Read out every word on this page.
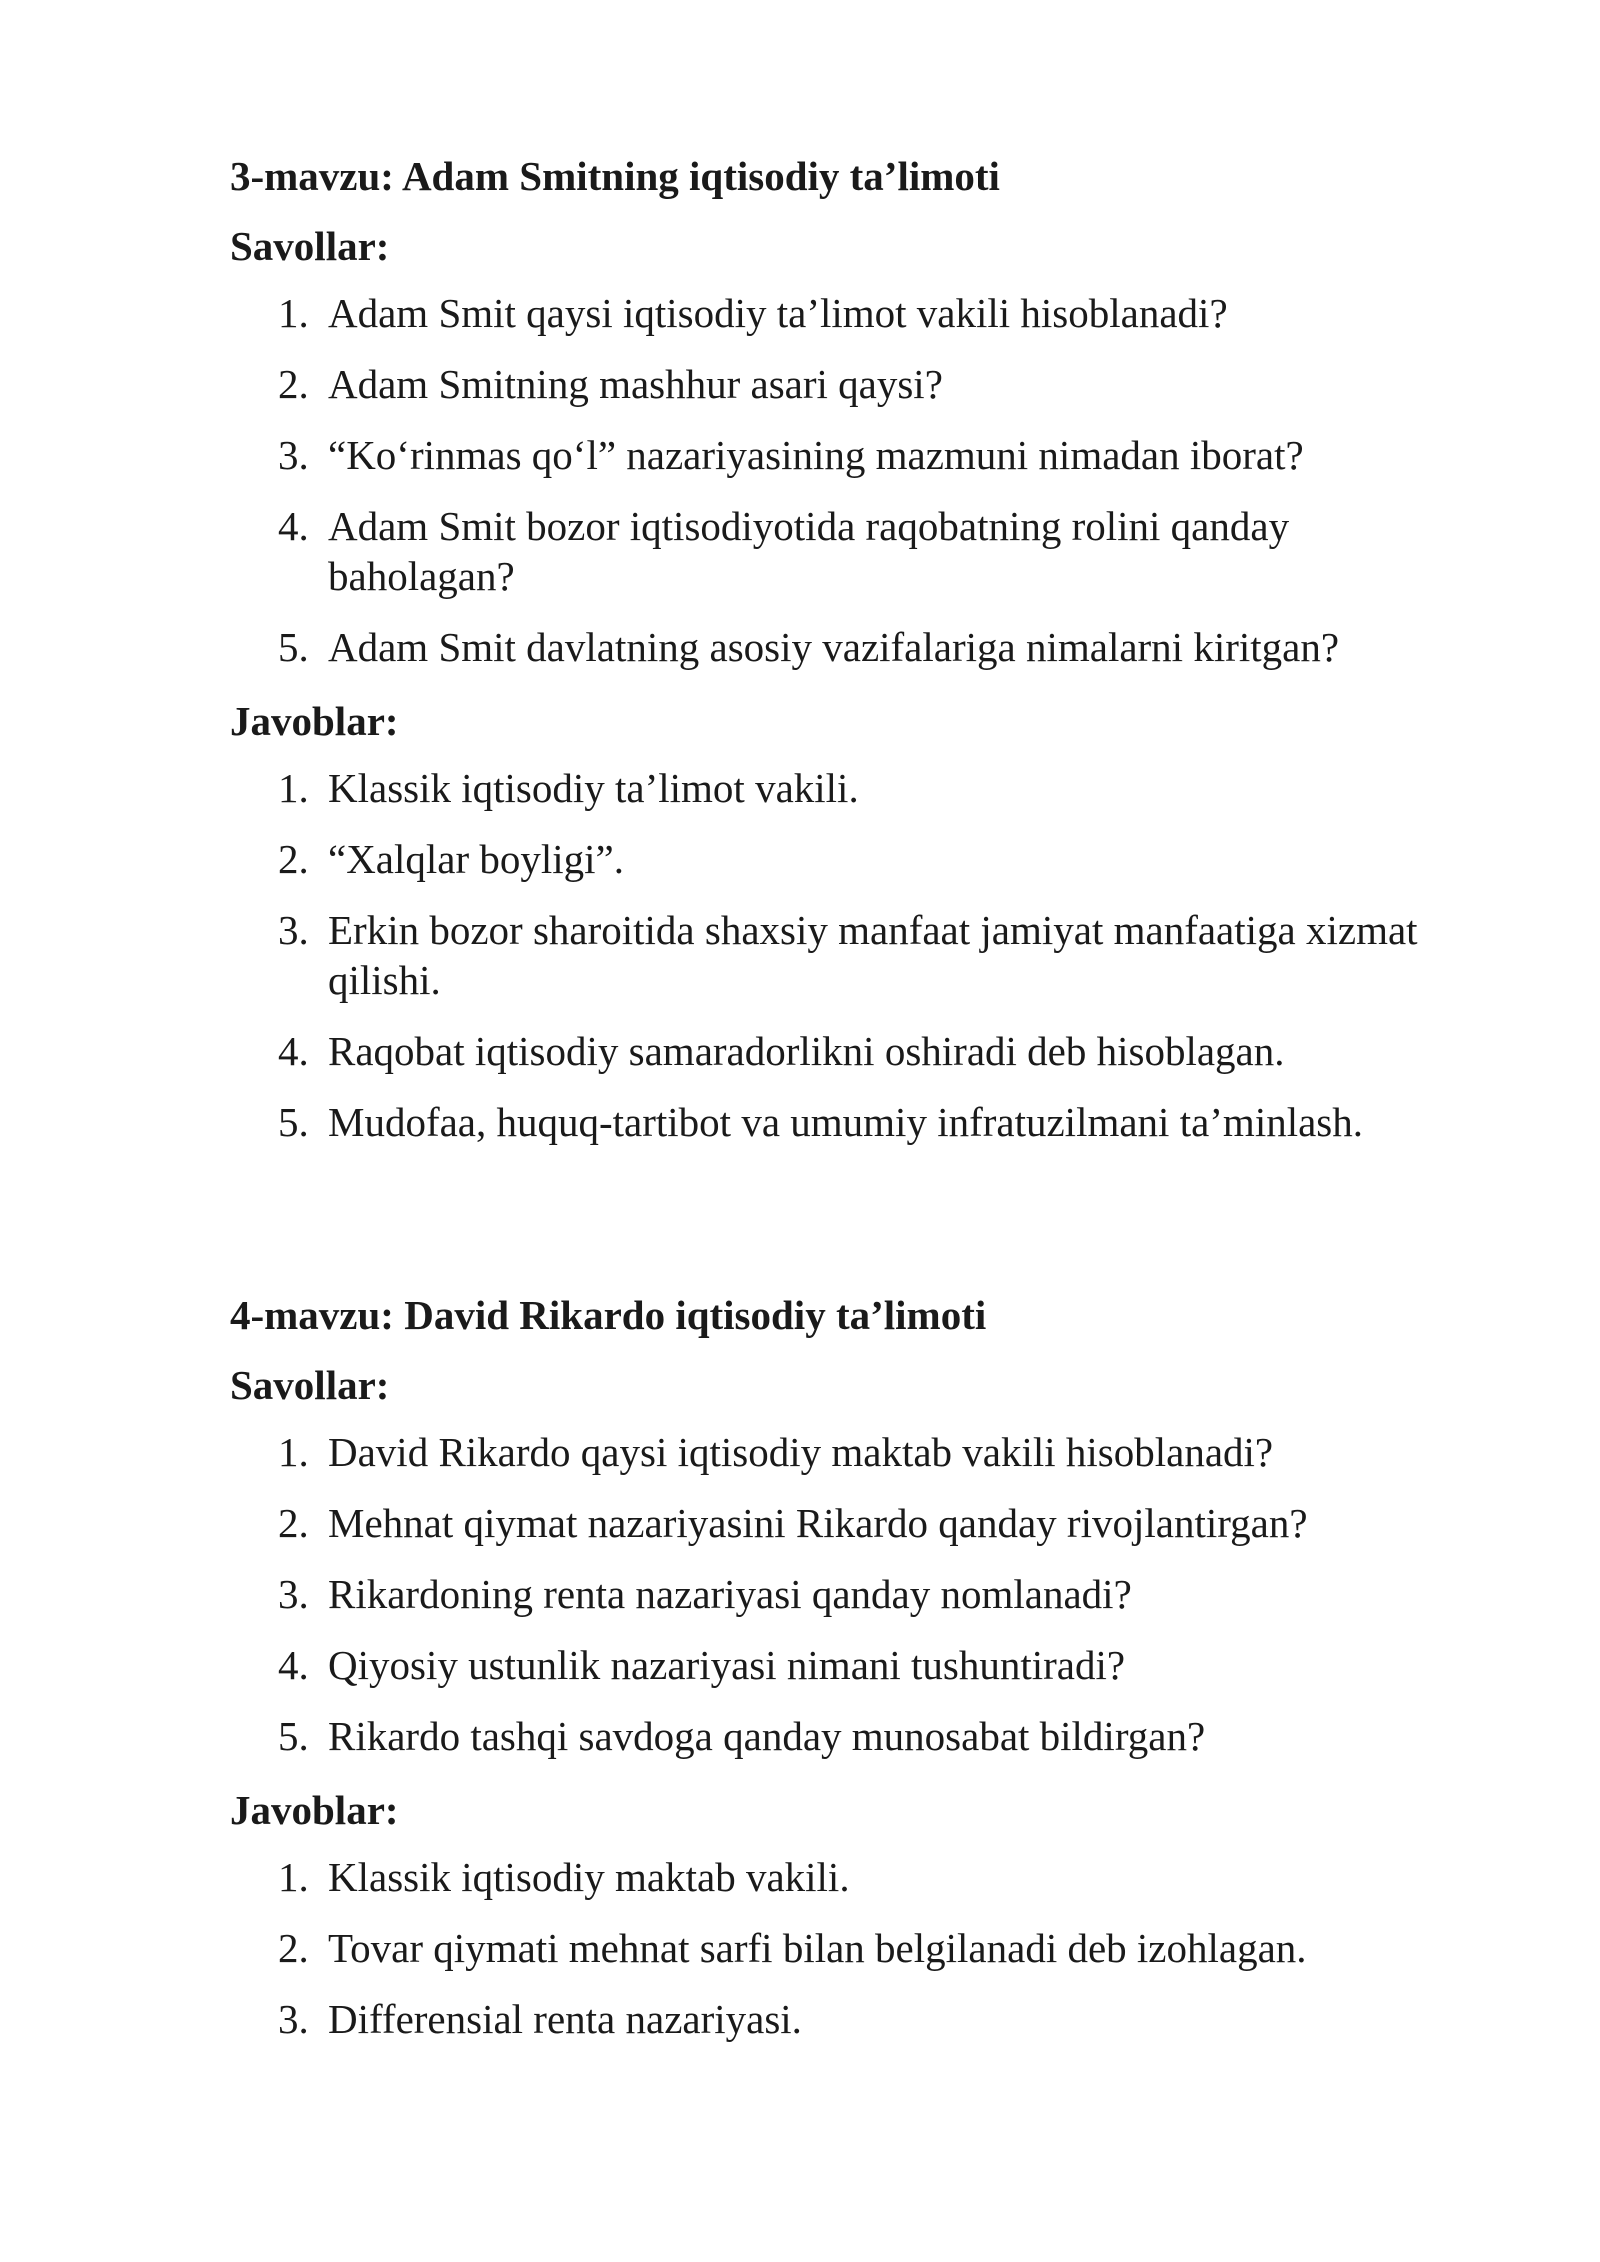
3-mavzu: Adam Smitning iqtisodiy ta’limoti
Savollar:
1. Adam Smit qaysi iqtisodiy ta’limot vakili hisoblanadi?
2. Adam Smitning mashhur asari qaysi?
3. “Ko‘rinmas qo‘l” nazariyasining mazmuni nimadan iborat?
4. Adam Smit bozor iqtisodiyotida raqobatning rolini qanday baholagan?
5. Adam Smit davlatning asosiy vazifalariga nimalarni kiritgan?
Javoblar:
1. Klassik iqtisodiy ta’limot vakili.
2. “Xalqlar boyligi”.
3. Erkin bozor sharoitida shaxsiy manfaat jamiyat manfaatiga xizmat qilishi.
4. Raqobat iqtisodiy samaradorlikni oshiradi deb hisoblagan.
5. Mudofaa, huquq-tartibot va umumiy infratuzilmani ta’minlash.
4-mavzu: David Rikardo iqtisodiy ta’limoti
Savollar:
1. David Rikardo qaysi iqtisodiy maktab vakili hisoblanadi?
2. Mehnat qiymat nazariyasini Rikardo qanday rivojlantirgan?
3. Rikardoning renta nazariyasi qanday nomlanadi?
4. Qiyosiy ustunlik nazariyasi nimani tushuntiradi?
5. Rikardo tashqi savdoga qanday munosabat bildirgan?
Javoblar:
1. Klassik iqtisodiy maktab vakili.
2. Tovar qiymati mehnat sarfi bilan belgilanadi deb izohlagan.
3. Differensial renta nazariyasi.
